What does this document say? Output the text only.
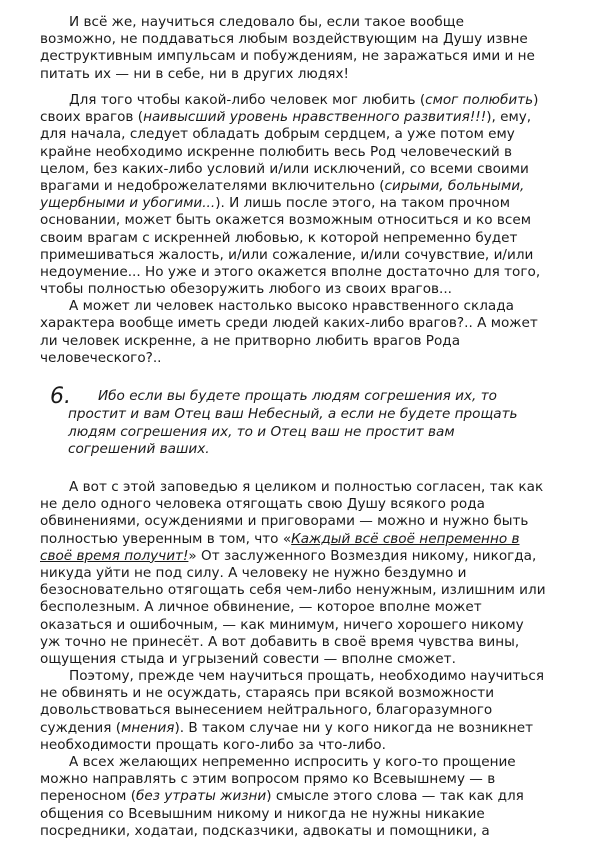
И всё же, научиться следовало бы, если такое вообще
возможно, не поддаваться любым воздействующим на Душу извне
деструктивным импульсам и побуждениям, не заражаться ими и не
питать их — ни в себе, ни в других людях!
Для того чтобы какой-либо человек мог любить (смог полюбить)
своих врагов (наивысший уровень нравственного развития!!!), ему,
для начала, следует обладать добрым сердцем, а уже потом ему
крайне необходимо искренне полюбить весь Род человеческий в
целом, без каких-либо условий и/или исключений, со всеми своими
врагами и недоброжелателями включительно (сирыми, больными,
ущербными и убогими...). И лишь после этого, на таком прочном
основании, может быть окажется возможным относиться и ко всем
своим врагам с искренней любовью, к которой непременно будет
примешиваться жалость, и/или сожаление, и/или сочувствие, и/или
недоумение... Но уже и этого окажется вполне достаточно для того,
чтобы полностью обезоружить любого из своих врагов...
А может ли человек настолько высоко нравственного склада
характера вообще иметь среди людей каких-либо врагов?.. А может
ли человек искренне, а не притворно любить врагов Рода
человеческого?..
6.	Ибо если вы будете прощать людям согрешения их, то
простит и вам Отец ваш Небесный, а если не будете прощать
людям согрешения их, то и Отец ваш не простит вам
согрешений ваших.
А вот с этой заповедью я целиком и полностью согласен, так как
не дело одного человека отягощать свою Душу всякого рода
обвинениями, осуждениями и приговорами — можно и нужно быть
полностью уверенным в том, что «Каждый всё своё непременно в
своё время получит!» От заслуженного Возмездия никому, никогда,
никуда уйти не под силу. А человеку не нужно бездумно и
безосновательно отягощать себя чем-либо ненужным, излишним или
бесполезным. А личное обвинение, — которое вполне может
оказаться и ошибочным, — как минимум, ничего хорошего никому
уж точно не принесёт. А вот добавить в своё время чувства вины,
ощущения стыда и угрызений совести — вполне сможет.
Поэтому, прежде чем научиться прощать, необходимо научиться
не обвинять и не осуждать, стараясь при всякой возможности
довольствоваться вынесением нейтрального, благоразумного
суждения (мнения). В таком случае ни у кого никогда не возникнет
необходимости прощать кого-либо за что-либо.
А всех желающих непременно испросить у кого-то прощение
можно направлять с этим вопросом прямо ко Всевышнему — в
переносном (без утраты жизни) смысле этого слова — так как для
общения со Всевышним никому и никогда не нужны никакие
посредники, ходатаи, подсказчики, адвокаты и помощники, а
